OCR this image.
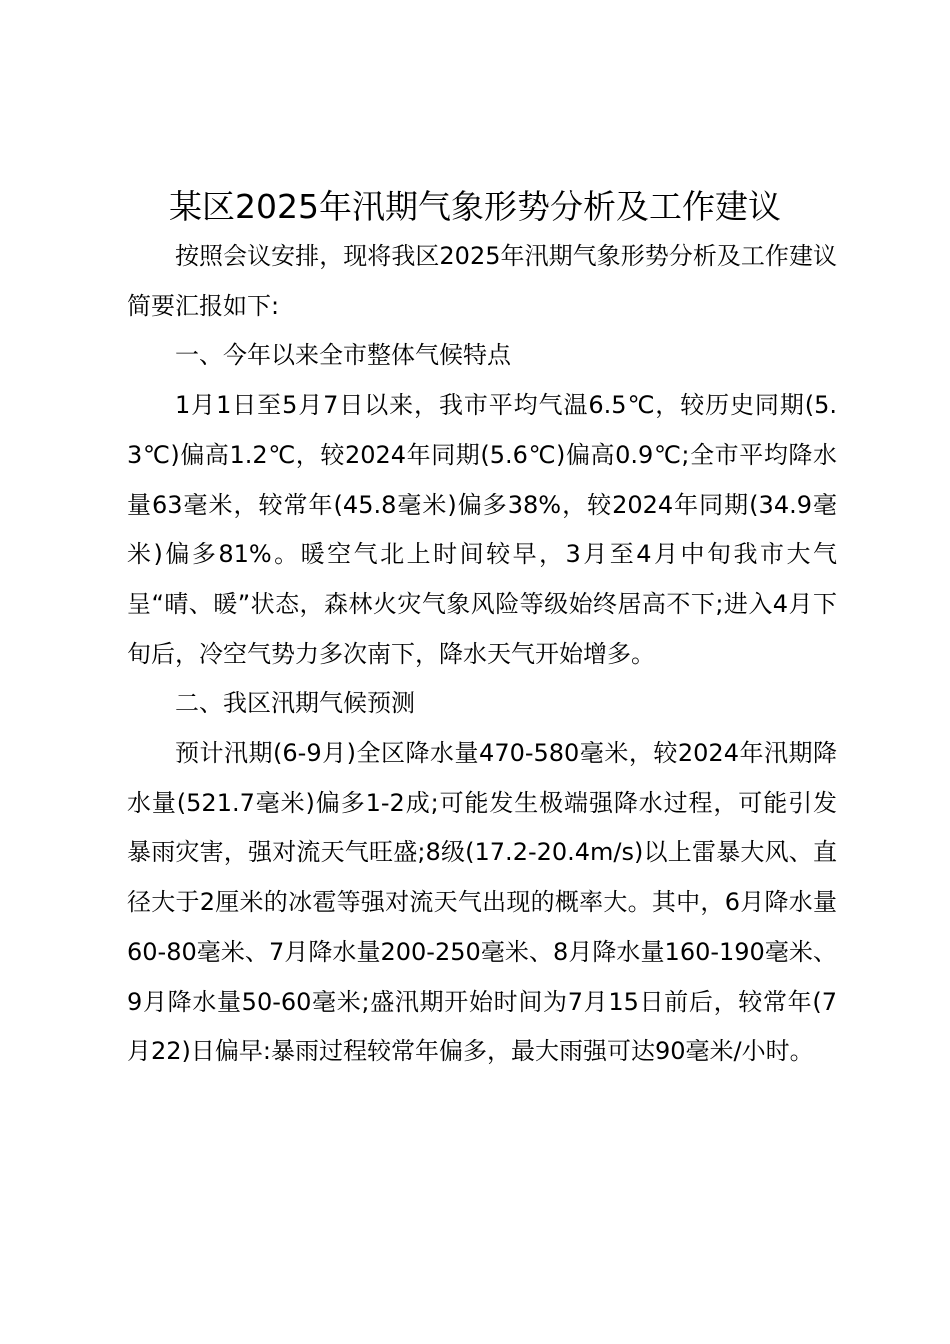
某区2025年汛期气象形势分析及工作建议

按照会议安排，现将我区2025年汛期气象形势分析及工作建议简要汇报如下:

一、今年以来全市整体气候特点

1月1日至5月7日以来，我市平均气温6.5℃，较历史同期(5.3℃)偏高1.2℃，较2024年同期(5.6℃)偏高0.9℃;全市平均降水量63毫米，较常年(45.8毫米)偏多38%，较2024年同期(34.9毫米)偏多81%。暖空气北上时间较早，3月至4月中旬我市大气呈“晴、暖”状态，森林火灾气象风险等级始终居高不下;进入4月下旬后，冷空气势力多次南下，降水天气开始增多。

二、我区汛期气候预测

预计汛期(6-9月)全区降水量470-580毫米，较2024年汛期降水量(521.7毫米)偏多1-2成;可能发生极端强降水过程，可能引发暴雨灾害，强对流天气旺盛;8级(17.2-20.4m/s)以上雷暴大风、直径大于2厘米的冰雹等强对流天气出现的概率大。其中，6月降水量60-80毫米、7月降水量200-250毫米、8月降水量160-190毫米、9月降水量50-60毫米;盛汛期开始时间为7月15日前后，较常年(7月22)日偏早:暴雨过程较常年偏多，最大雨强可达90毫米/小时。
